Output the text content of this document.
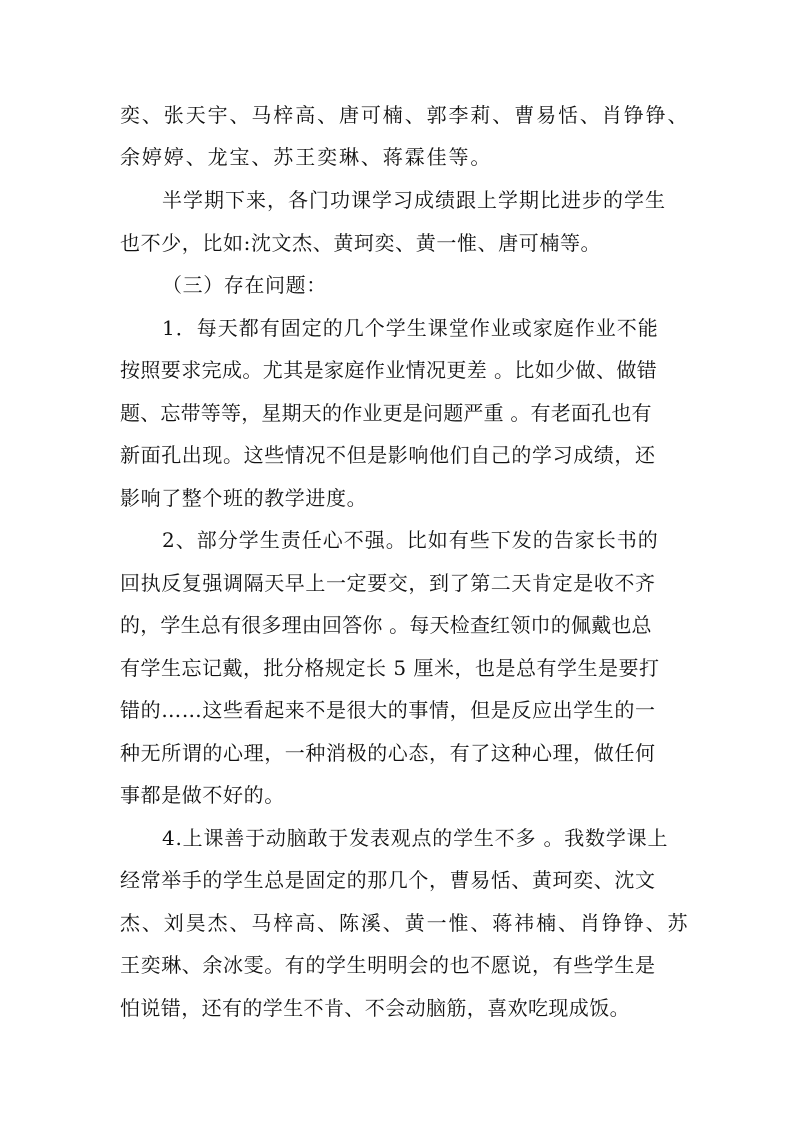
奕、张天宇、马梓高、唐可楠、郭李莉、曹易恬、肖铮铮、
余婷婷、龙宝、苏王奕琳、蒋霖佳等。
半学期下来，各门功课学习成绩跟上学期比进步的学生
也不少，比如:沈文杰、黄珂奕、黄一惟、唐可楠等。
（三）存在问题：
1．每天都有固定的几个学生课堂作业或家庭作业不能
按照要求完成。尤其是家庭作业情况更差 。比如少做、做错
题、忘带等等，星期天的作业更是问题严重 。有老面孔也有
新面孔出现。这些情况不但是影响他们自己的学习成绩，还
影响了整个班的教学进度。
2、部分学生责任心不强。比如有些下发的告家长书的
回执反复强调隔天早上一定要交，到了第二天肯定是收不齐
的，学生总有很多理由回答你 。每天检查红领巾的佩戴也总
有学生忘记戴，批分格规定长 5 厘米，也是总有学生是要打
错的……这些看起来不是很大的事情，但是反应出学生的一
种无所谓的心理，一种消极的心态，有了这种心理，做任何
事都是做不好的。
4.上课善于动脑敢于发表观点的学生不多 。我数学课上
经常举手的学生总是固定的那几个，曹易恬、黄珂奕、沈文
杰、刘昊杰、马梓高、陈溪、黄一惟、蒋祎楠、肖铮铮、苏
王奕琳、余冰雯。有的学生明明会的也不愿说，有些学生是
怕说错，还有的学生不肯、不会动脑筋，喜欢吃现成饭。
